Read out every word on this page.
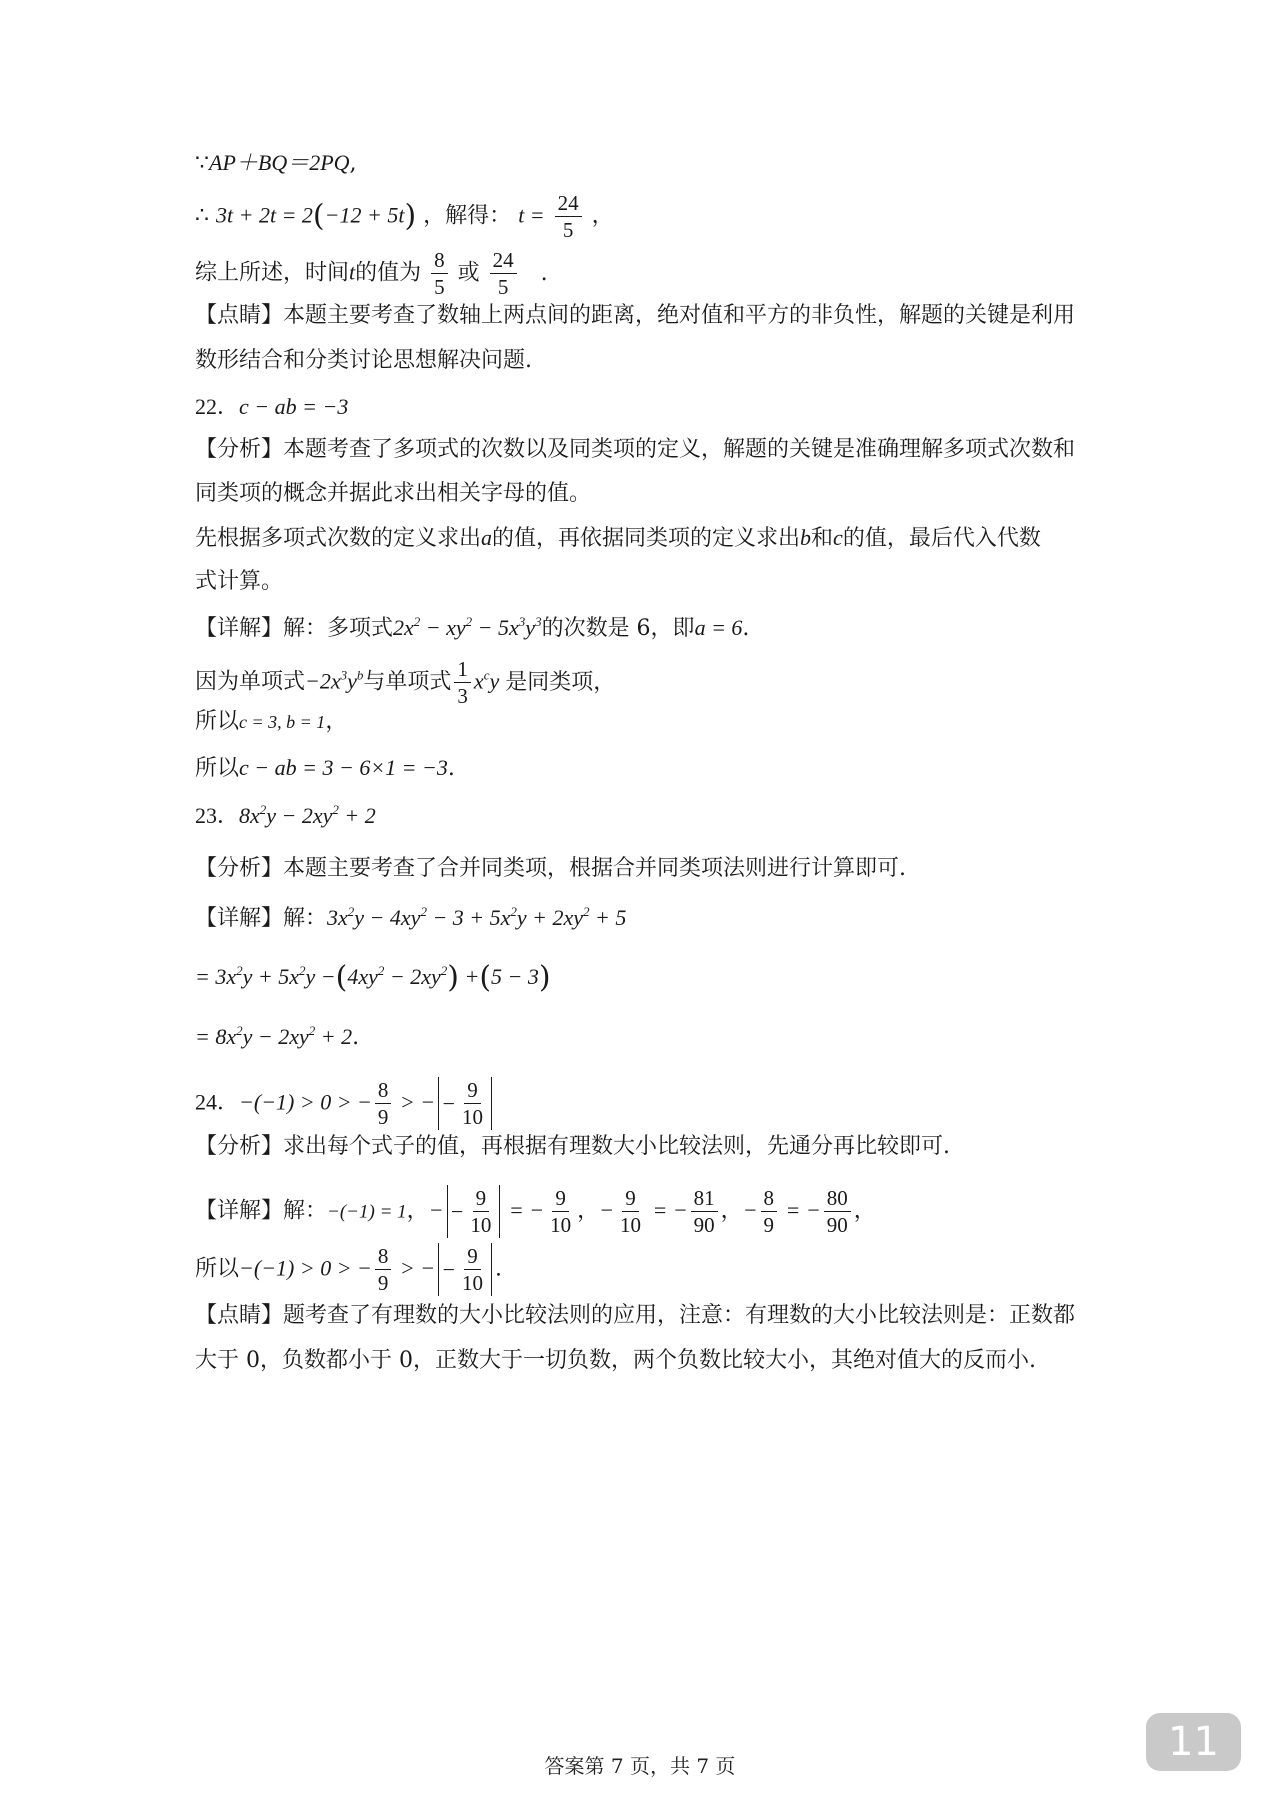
∵AP＋BQ＝2PQ,
∴ 3t + 2t = 2(−12 + 5t) ，解得： $t = \frac{24}{5}$ ，
综上所述，时间t的值为 $\frac{8}{5}$ 或 $\frac{24}{5}$ .
【点睛】本题主要考查了数轴上两点间的距离，绝对值和平方的非负性，解题的关键是利用
数形结合和分类讨论思想解决问题.
22．c − ab = −3
【分析】本题考查了多项式的次数以及同类项的定义，解题的关键是准确理解多项式次数和
同类项的概念并据此求出相关字母的值。
先根据多项式次数的定义求出a的值，再依据同类项的定义求出b和c的值，最后代入代数
式计算。
【详解】解：多项式$2x^2 - xy^2 - 5x^3y^3$的次数是 6，即a = 6.
因为单项式$-2x^3y^b$与单项式 $\frac{1}{3} x^cy$ 是同类项，
所以c = 3, b = 1，
所以c − ab = 3 − 6×1 = −3.
23．$8x^2y - 2xy^2 + 2$
【分析】本题主要考查了合并同类项，根据合并同类项法则进行计算即可.
【详解】解：$3x^2y - 4xy^2 - 3 + 5x^2y + 2xy^2 + 5$
= $3x^2y + 5x^2y -(4xy^2 - 2xy^2) +(5 - 3)$
= $8x^2y - 2xy^2 + 2$.
24．−(−1) > 0 > − $\frac{8}{9}$ > − − $\frac{9}{10}$
【分析】求出每个式子的值，再根据有理数大小比较法则，先通分再比较即可.
【详解】解：−(−1) = 1，− − $\frac{9}{10}$ = − $\frac{9}{10}$ ，− $\frac{9}{10}$ = − $\frac{81}{90}$ ，− $\frac{8}{9}$ = − $\frac{80}{90}$ ，
所以−(−1) > 0 > − $\frac{8}{9}$ > − − $\frac{9}{10}$ .
【点睛】题考查了有理数的大小比较法则的应用，注意：有理数的大小比较法则是：正数都
大于 0，负数都小于 0，正数大于一切负数，两个负数比较大小，其绝对值大的反而小.
答案第 7 页，共 7 页
11
